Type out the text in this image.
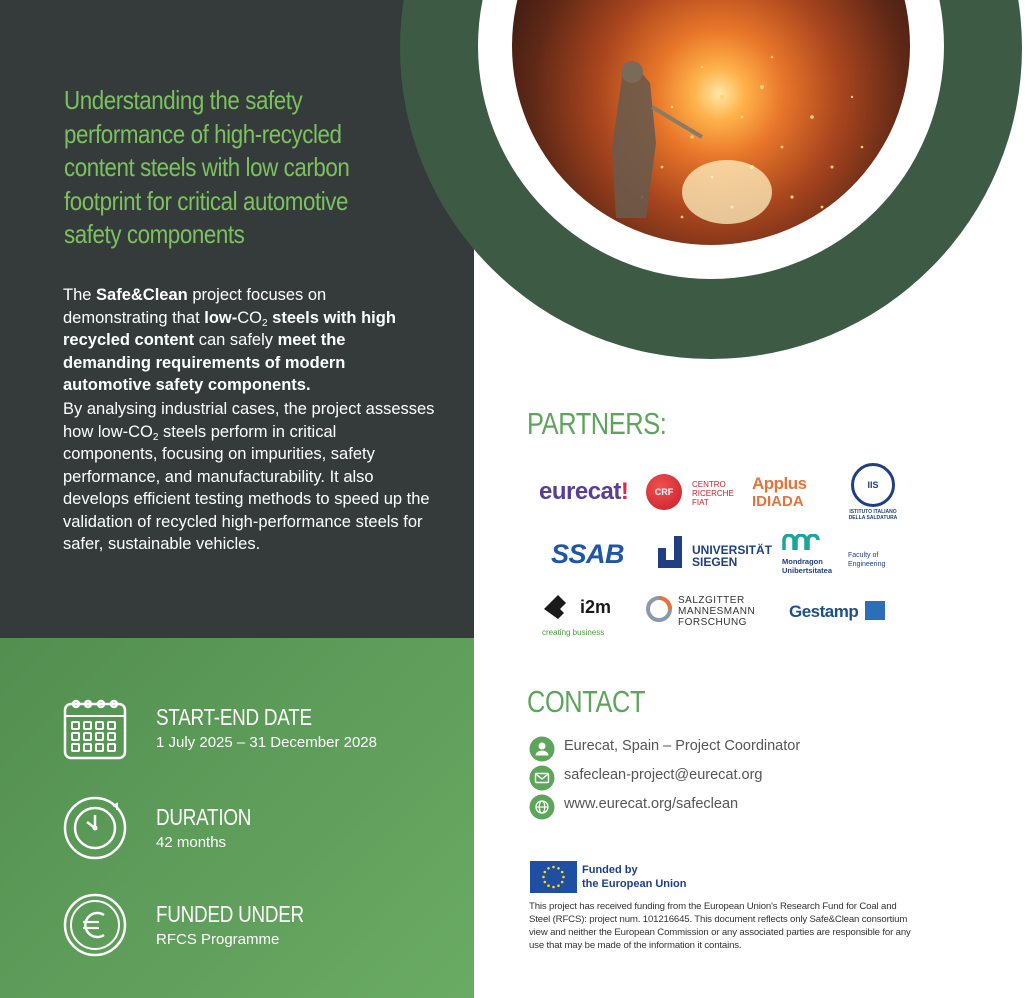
Understanding the safety performance of high-recycled content steels with low carbon footprint for critical automotive safety components

The Safe&Clean project focuses on demonstrating that low-$CO_2$ steels with high recycled content can safely meet the demanding requirements of modern automotive safety components.

By analysing industrial cases, the project assesses how low-$CO_2$ steels perform in critical components, focusing on impurities, safety performance, and manufacturability. It also develops efficient testing methods to speed up the validation of recycled high-performance steels for safer, sustainable vehicles.

START-END DATE
1 July 2025 – 31 December 2028
DURATION
42 months
FUNDED UNDER
RFCS Programme
PARTNERS:
eurecat!	CRF
CENTRO
RICERCHE
FIAT
Applus
IDIADA
IIS
ISTITUTO ITALIANO
DELLA SALDATURA
SSAB	UNIVERSITÄT
SIEGEN	Mondragon
Unibertsitatea
Faculty of
Engineering
i2m
creating business
SALZGITTER
MANNESMANN
FORSCHUNG
Gestamp
CONTACT
Eurecat, Spain – Project Coordinator
safeclean-project@eurecat.org
www.eurecat.org/safeclean
Funded by
the European Union
This project has received funding from the European Union's Research Fund for Coal and Steel (RFCS): project num. 101216645. This document reflects only Safe&Clean consortium view and neither the European Commission or any associated parties are responsible for any use that may be made of the information it contains.
